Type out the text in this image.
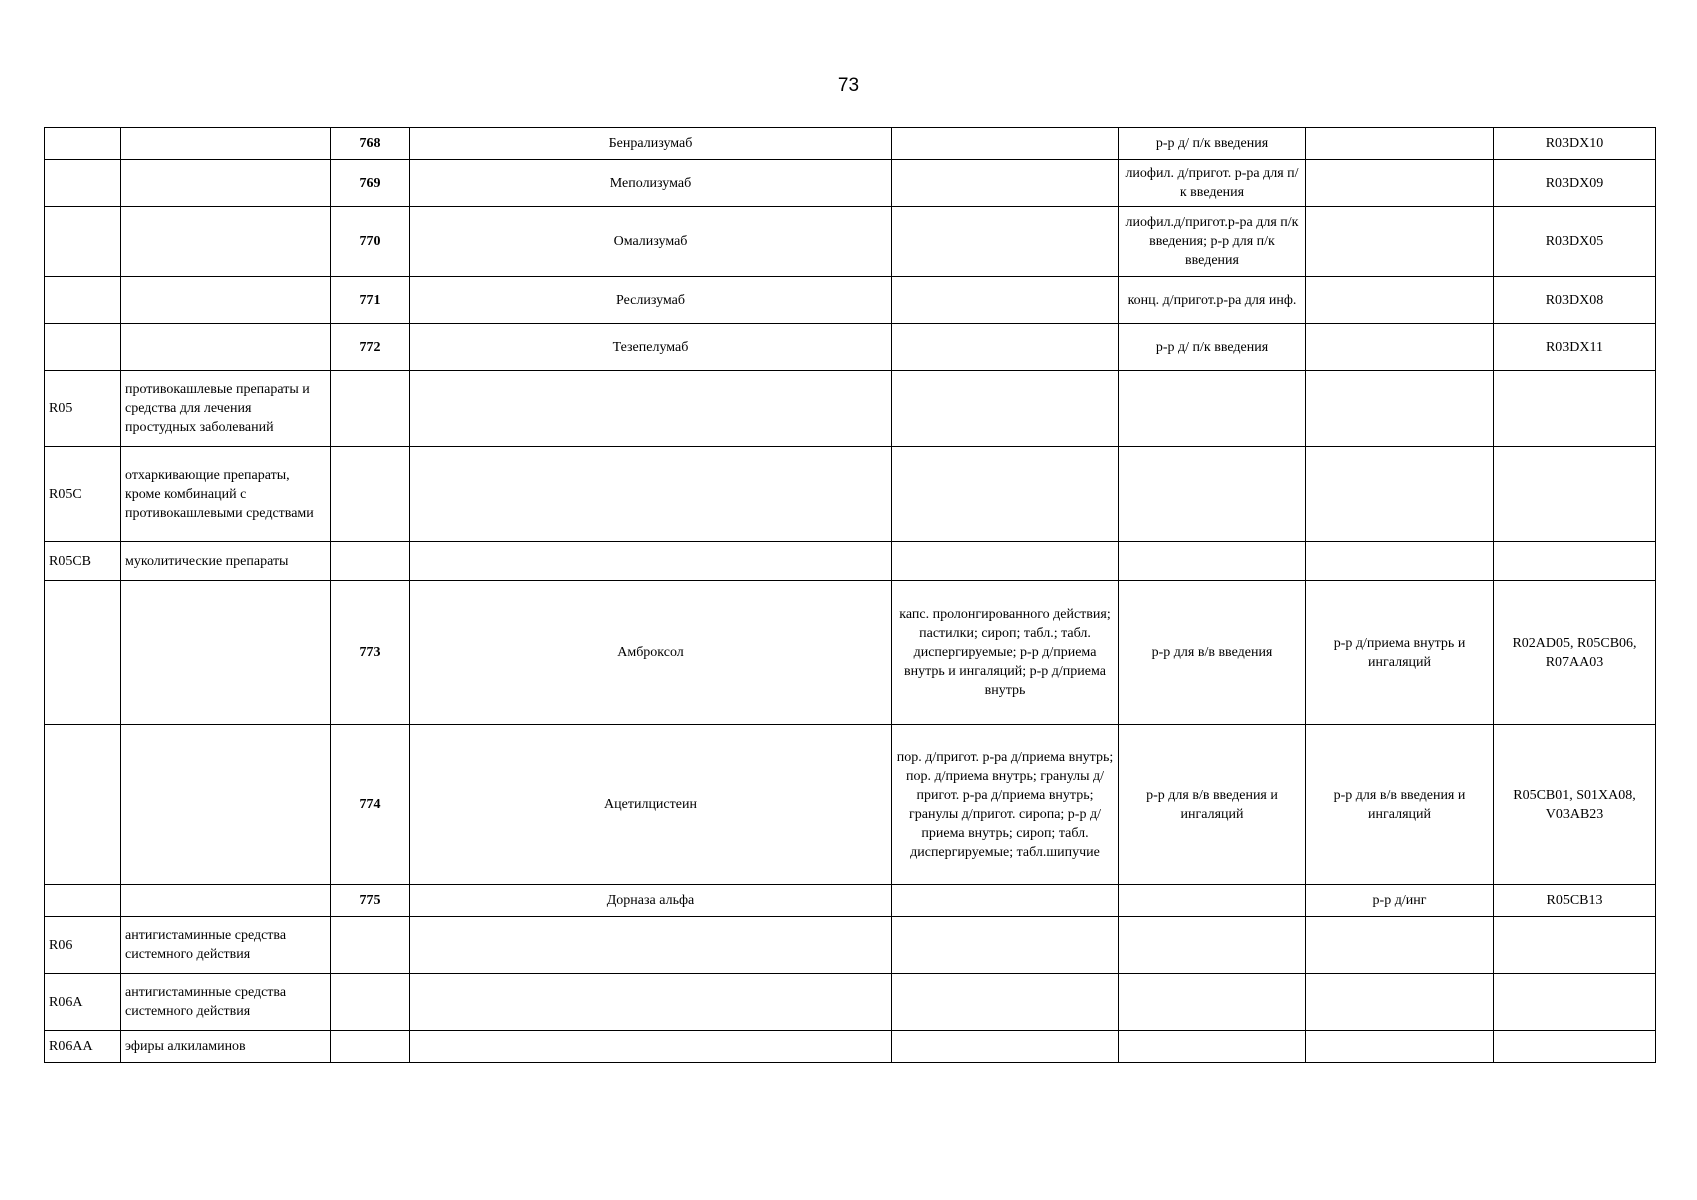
73
		768	Бенрализумаб		р-р д/ п/к введения		R03DX10
		769	Меполизумаб		лиофил. д/пригот. р-ра для п/к введения		R03DX09
		770	Омализумаб		лиофил.д/пригот.р-ра для п/к введения; р-р для п/к введения		R03DX05
		771	Реслизумаб		конц. д/пригот.р-ра для инф.		R03DX08
		772	Тезепелумаб		р-р д/ п/к введения		R03DX11
R05	противокашлевые препараты и средства для лечения простудных заболеваний						
R05C	отхаркивающие препараты, кроме комбинаций с противокашлевыми средствами						
R05CB	муколитические препараты						
		773	Амброксол	капс. пролонгированного действия; пастилки; сироп; табл.; табл. диспергируемые; р-р д/приема внутрь и ингаляций; р-р д/приема внутрь	р-р для в/в введения	р-р д/приема внутрь и ингаляций	R02AD05, R05CB06, R07AA03
		774	Ацетилцистеин	пор. д/пригот. р-ра д/приема внутрь; пор. д/приема внутрь; гранулы д/пригот. р-ра д/приема внутрь; гранулы д/пригот. сиропа; р-р д/приема внутрь; сироп; табл. диспергируемые; табл.шипучие	р-р для в/в введения и ингаляций	р-р для в/в введения и ингаляций	R05CB01, S01XA08, V03AB23
		775	Дорназа альфа			р-р д/инг	R05CB13
R06	антигистаминные средства системного действия						
R06A	антигистаминные средства системного действия						
R06AA	эфиры алкиламинов						
